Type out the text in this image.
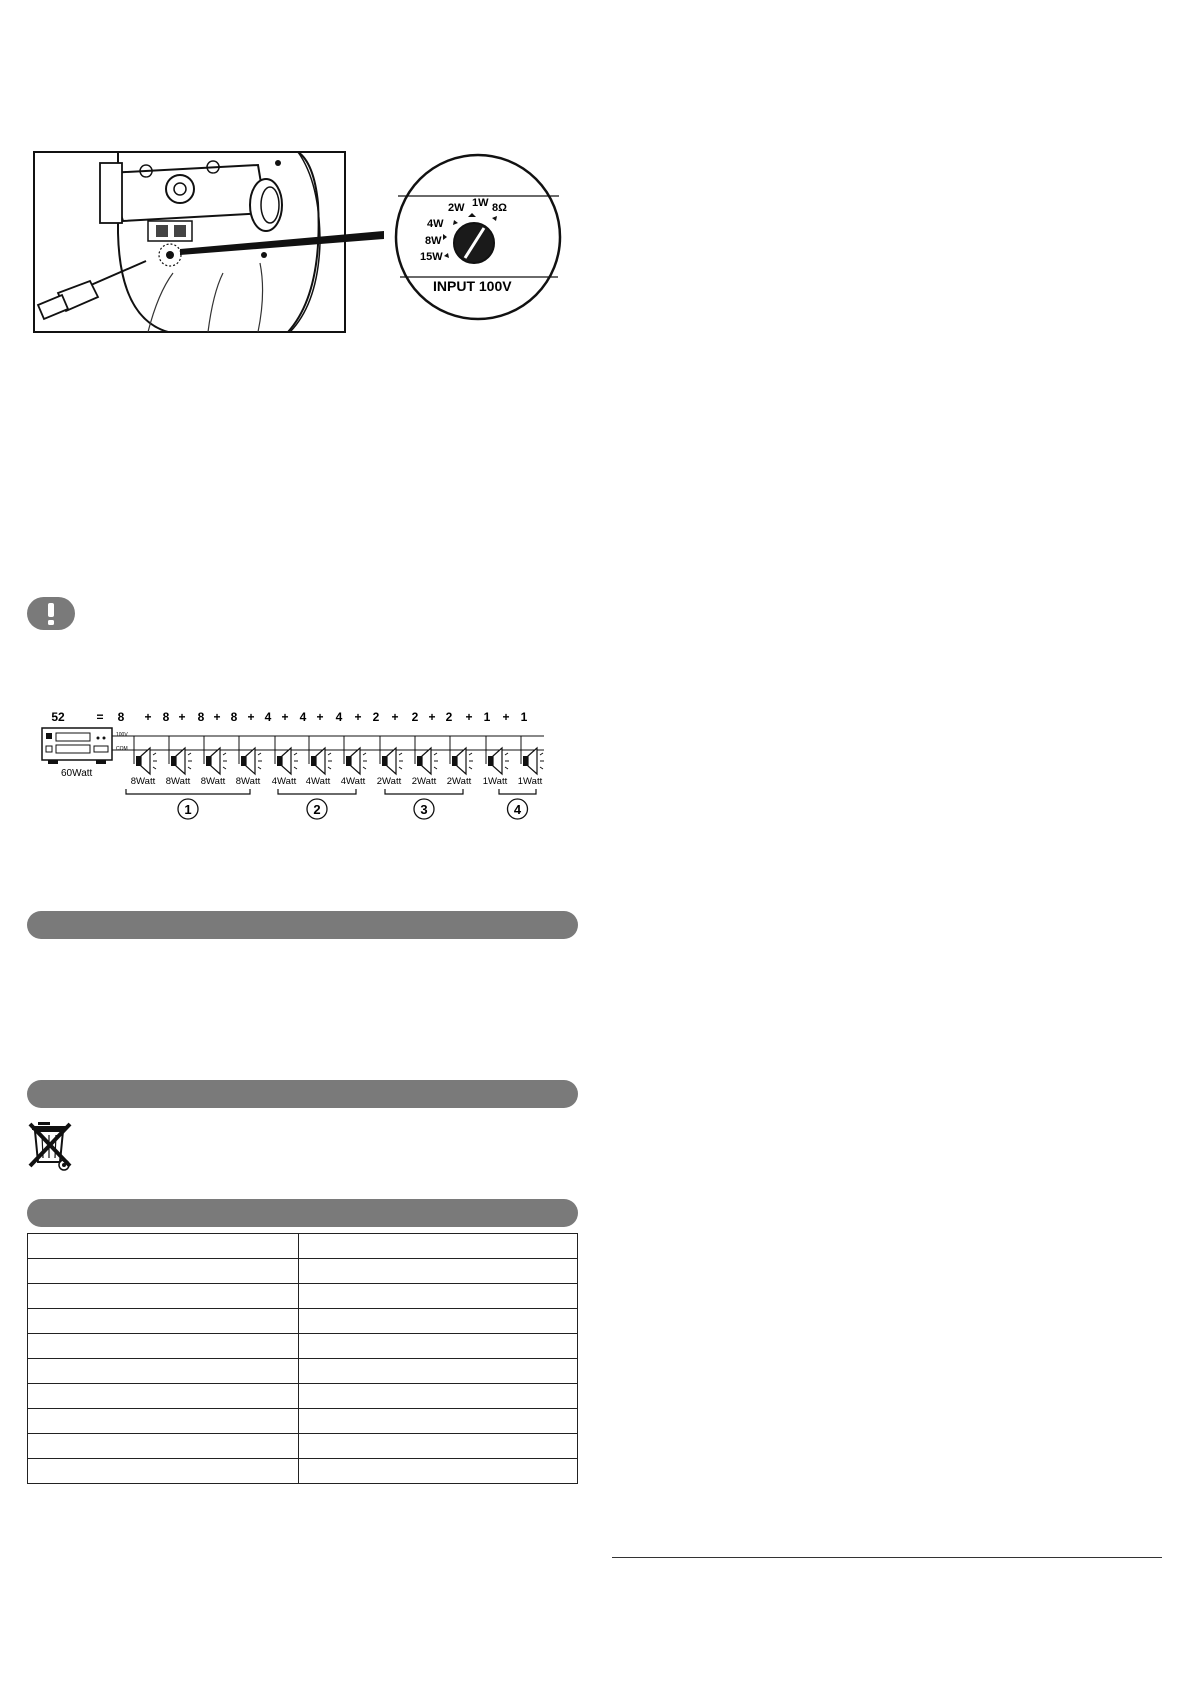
2W 1W 8Ω
4W
8W
15W
INPUT 100V
52	= 8 + 8 + 8 + 8 + 4 + 4 + 4 + 2 + 2 + 2 + 1 + 1
60Watt
100V
COM
8Watt 8Watt 8Watt 8Watt 4Watt 4Watt 4Watt 2Watt 2Watt 2Watt 1Watt 1Watt
1	2	3	4
